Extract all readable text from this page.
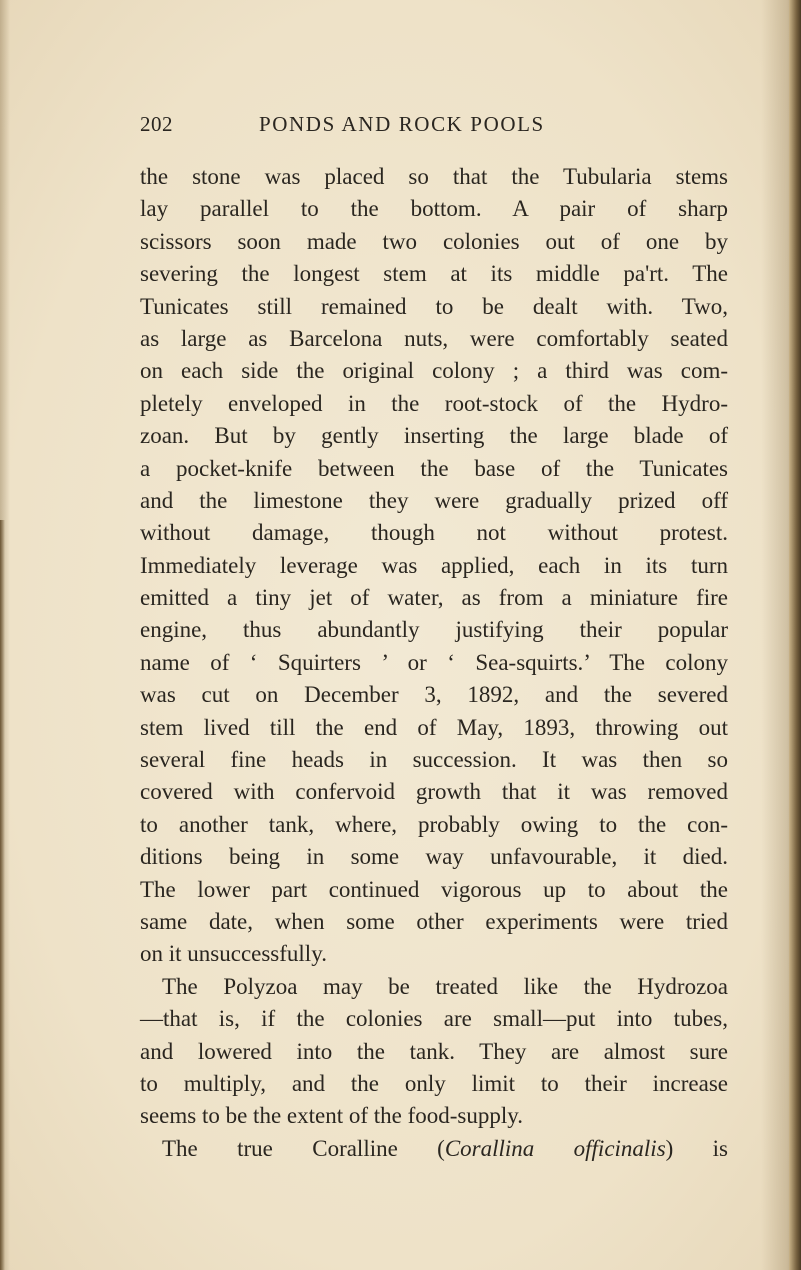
202	PONDS AND ROCK POOLS
the stone was placed so that the Tubularia stems
lay parallel to the bottom. A pair of sharp
scissors soon made two colonies out of one by
severing the longest stem at its middle pa'rt. The
Tunicates still remained to be dealt with. Two,
as large as Barcelona nuts, were comfortably seated
on each side the original colony ; a third was com-
pletely enveloped in the root-stock of the Hydro-
zoan. But by gently inserting the large blade of
a pocket-knife between the base of the Tunicates
and the limestone they were gradually prized off
without damage, though not without protest.
Immediately leverage was applied, each in its turn
emitted a tiny jet of water, as from a miniature fire
engine, thus abundantly justifying their popular
name of ‘ Squirters ’ or ‘ Sea-squirts.’ The colony
was cut on December 3, 1892, and the severed
stem lived till the end of May, 1893, throwing out
several fine heads in succession. It was then so
covered with confervoid growth that it was removed
to another tank, where, probably owing to the con-
ditions being in some way unfavourable, it died.
The lower part continued vigorous up to about the
same date, when some other experiments were tried
on it unsuccessfully.
The Polyzoa may be treated like the Hydrozoa
—that is, if the colonies are small—put into tubes,
and lowered into the tank. They are almost sure
to multiply, and the only limit to their increase
seems to be the extent of the food-supply.
The true Coralline (Corallina officinalis) is
